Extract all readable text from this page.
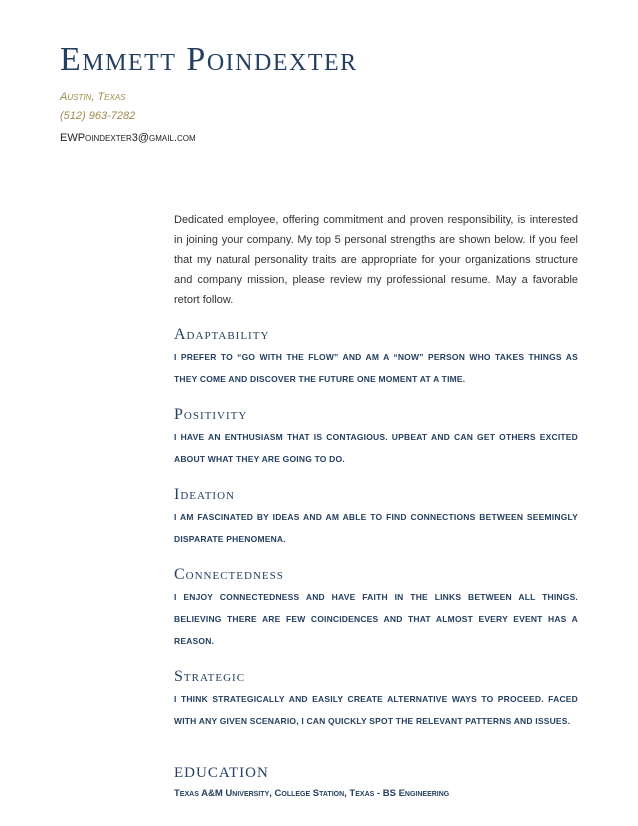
Emmett Poindexter
Austin, Texas
(512) 963-7282
EWPoindexter3@gmail.com
Dedicated employee, offering commitment and proven responsibility, is interested in joining your company. My top 5 personal strengths are shown below. If you feel that my natural personality traits are appropriate for your organizations structure and company mission, please review my professional resume. May a favorable retort follow.
Adaptability
I PREFER TO “GO WITH THE FLOW” AND AM A “NOW” PERSON WHO TAKES THINGS AS THEY COME AND DISCOVER THE FUTURE ONE MOMENT AT A TIME.
Positivity
I HAVE AN ENTHUSIASM THAT IS CONTAGIOUS. UPBEAT AND CAN GET OTHERS EXCITED ABOUT WHAT THEY ARE GOING TO DO.
Ideation
I AM FASCINATED BY IDEAS AND AM ABLE TO FIND CONNECTIONS BETWEEN SEEMINGLY DISPARATE PHENOMENA.
Connectedness
I ENJOY CONNECTEDNESS AND HAVE FAITH IN THE LINKS BETWEEN ALL THINGS. BELIEVING THERE ARE FEW COINCIDENCES AND THAT ALMOST EVERY EVENT HAS A REASON.
Strategic
I THINK STRATEGICALLY AND EASILY CREATE ALTERNATIVE WAYS TO PROCEED. FACED WITH ANY GIVEN SCENARIO, I CAN QUICKLY SPOT THE RELEVANT PATTERNS AND ISSUES.
EDUCATION
Texas A&M University, College Station, Texas - BS Engineering
